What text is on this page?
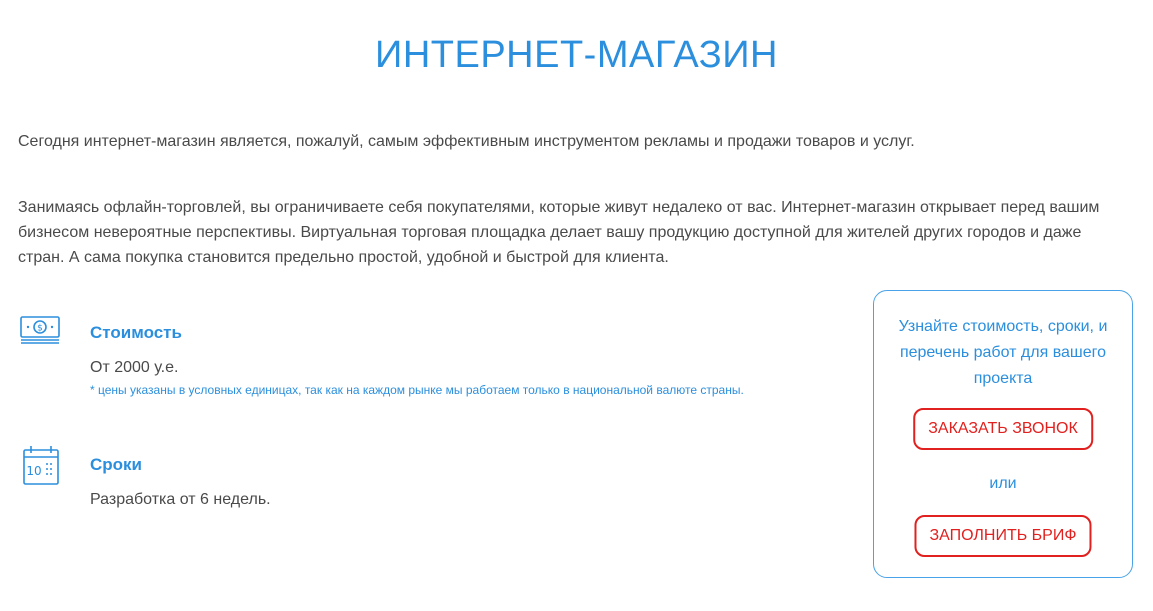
ИНТЕРНЕТ-МАГАЗИН

Сегодня интернет-магазин является, пожалуй, самым эффективным инструментом рекламы и продажи товаров и услуг.

Занимаясь офлайн-торговлей, вы ограничиваете себя покупателями, которые живут недалеко от вас. Интернет-магазин открывает перед вашим бизнесом невероятные перспективы. Виртуальная торговая площадка делает вашу продукцию доступной для жителей других городов и даже стран. А сама покупка становится предельно простой, удобной и быстрой для клиента.

$	Стоимость
От 2000 у.е.
* цены указаны в условных единицах, так как на каждом рынке мы работаем только в национальной валюте страны.
10	Сроки
Разработка от 6 недель.
Узнайте стоимость, сроки, и перечень работ для вашего проекта
ЗАКАЗАТЬ ЗВОНОК
или
ЗАПОЛНИТЬ БРИФ
